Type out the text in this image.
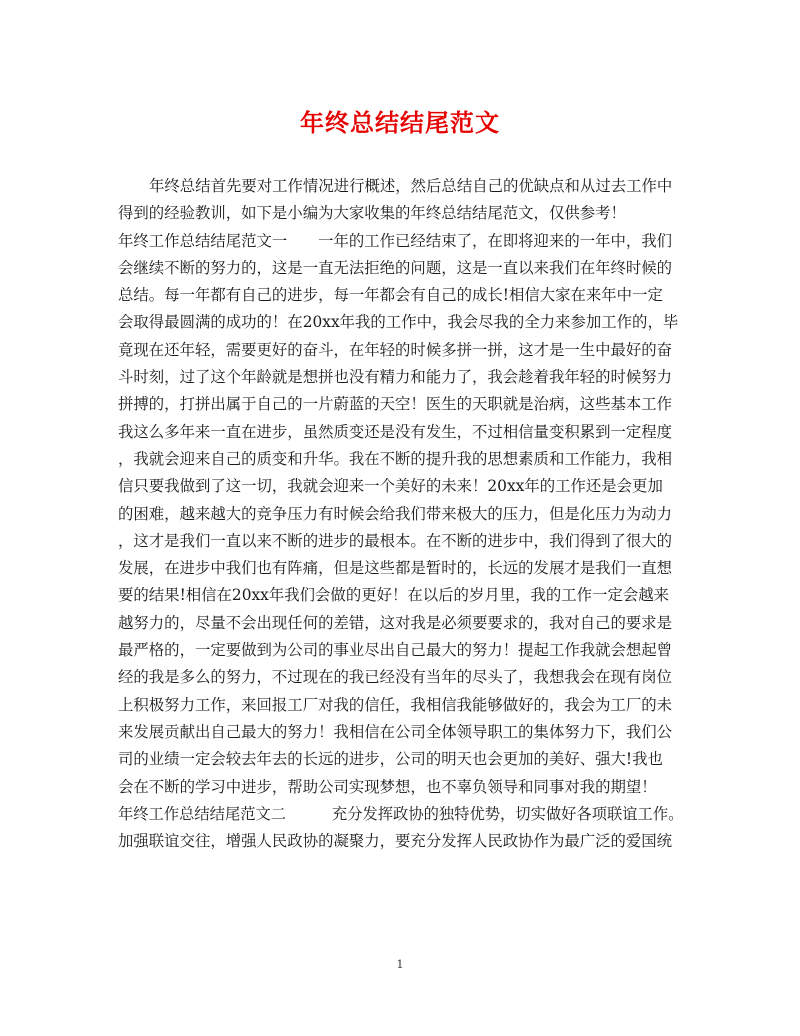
年终总结结尾范文
年终总结首先要对工作情况进行概述，然后总结自己的优缺点和从过去工作中
得到的经验教训，如下是小编为大家收集的年终总结结尾范文，仅供参考！
年终工作总结结尾范文一　　一年的工作已经结束了，在即将迎来的一年中，我们
会继续不断的努力的，这是一直无法拒绝的问题，这是一直以来我们在年终时候的
总结。每一年都有自己的进步，每一年都会有自己的成长!相信大家在来年中一定
会取得最圆满的成功的！在20xx年我的工作中，我会尽我的全力来参加工作的，毕
竟现在还年轻，需要更好的奋斗，在年轻的时候多拼一拼，这才是一生中最好的奋
斗时刻，过了这个年龄就是想拼也没有精力和能力了，我会趁着我年轻的时候努力
拼搏的，打拼出属于自己的一片蔚蓝的天空！医生的天职就是治病，这些基本工作
我这么多年来一直在进步，虽然质变还是没有发生，不过相信量变积累到一定程度
，我就会迎来自己的质变和升华。我在不断的提升我的思想素质和工作能力，我相
信只要我做到了这一切，我就会迎来一个美好的未来！20xx年的工作还是会更加
的困难，越来越大的竞争压力有时候会给我们带来极大的压力，但是化压力为动力
，这才是我们一直以来不断的进步的最根本。在不断的进步中，我们得到了很大的
发展，在进步中我们也有阵痛，但是这些都是暂时的，长远的发展才是我们一直想
要的结果!相信在20xx年我们会做的更好！在以后的岁月里，我的工作一定会越来
越努力的，尽量不会出现任何的差错，这对我是必须要要求的，我对自己的要求是
最严格的，一定要做到为公司的事业尽出自己最大的努力！提起工作我就会想起曾
经的我是多么的努力，不过现在的我已经没有当年的尽头了，我想我会在现有岗位
上积极努力工作，来回报工厂对我的信任，我相信我能够做好的，我会为工厂的未
来发展贡献出自己最大的努力！我相信在公司全体领导职工的集体努力下，我们公
司的业绩一定会较去年去的长远的进步，公司的明天也会更加的美好、强大!我也
会在不断的学习中进步，帮助公司实现梦想，也不辜负领导和同事对我的期望！
年终工作总结结尾范文二　　　充分发挥政协的独特优势，切实做好各项联谊工作。
加强联谊交往，增强人民政协的凝聚力，要充分发挥人民政协作为最广泛的爱国统
1
